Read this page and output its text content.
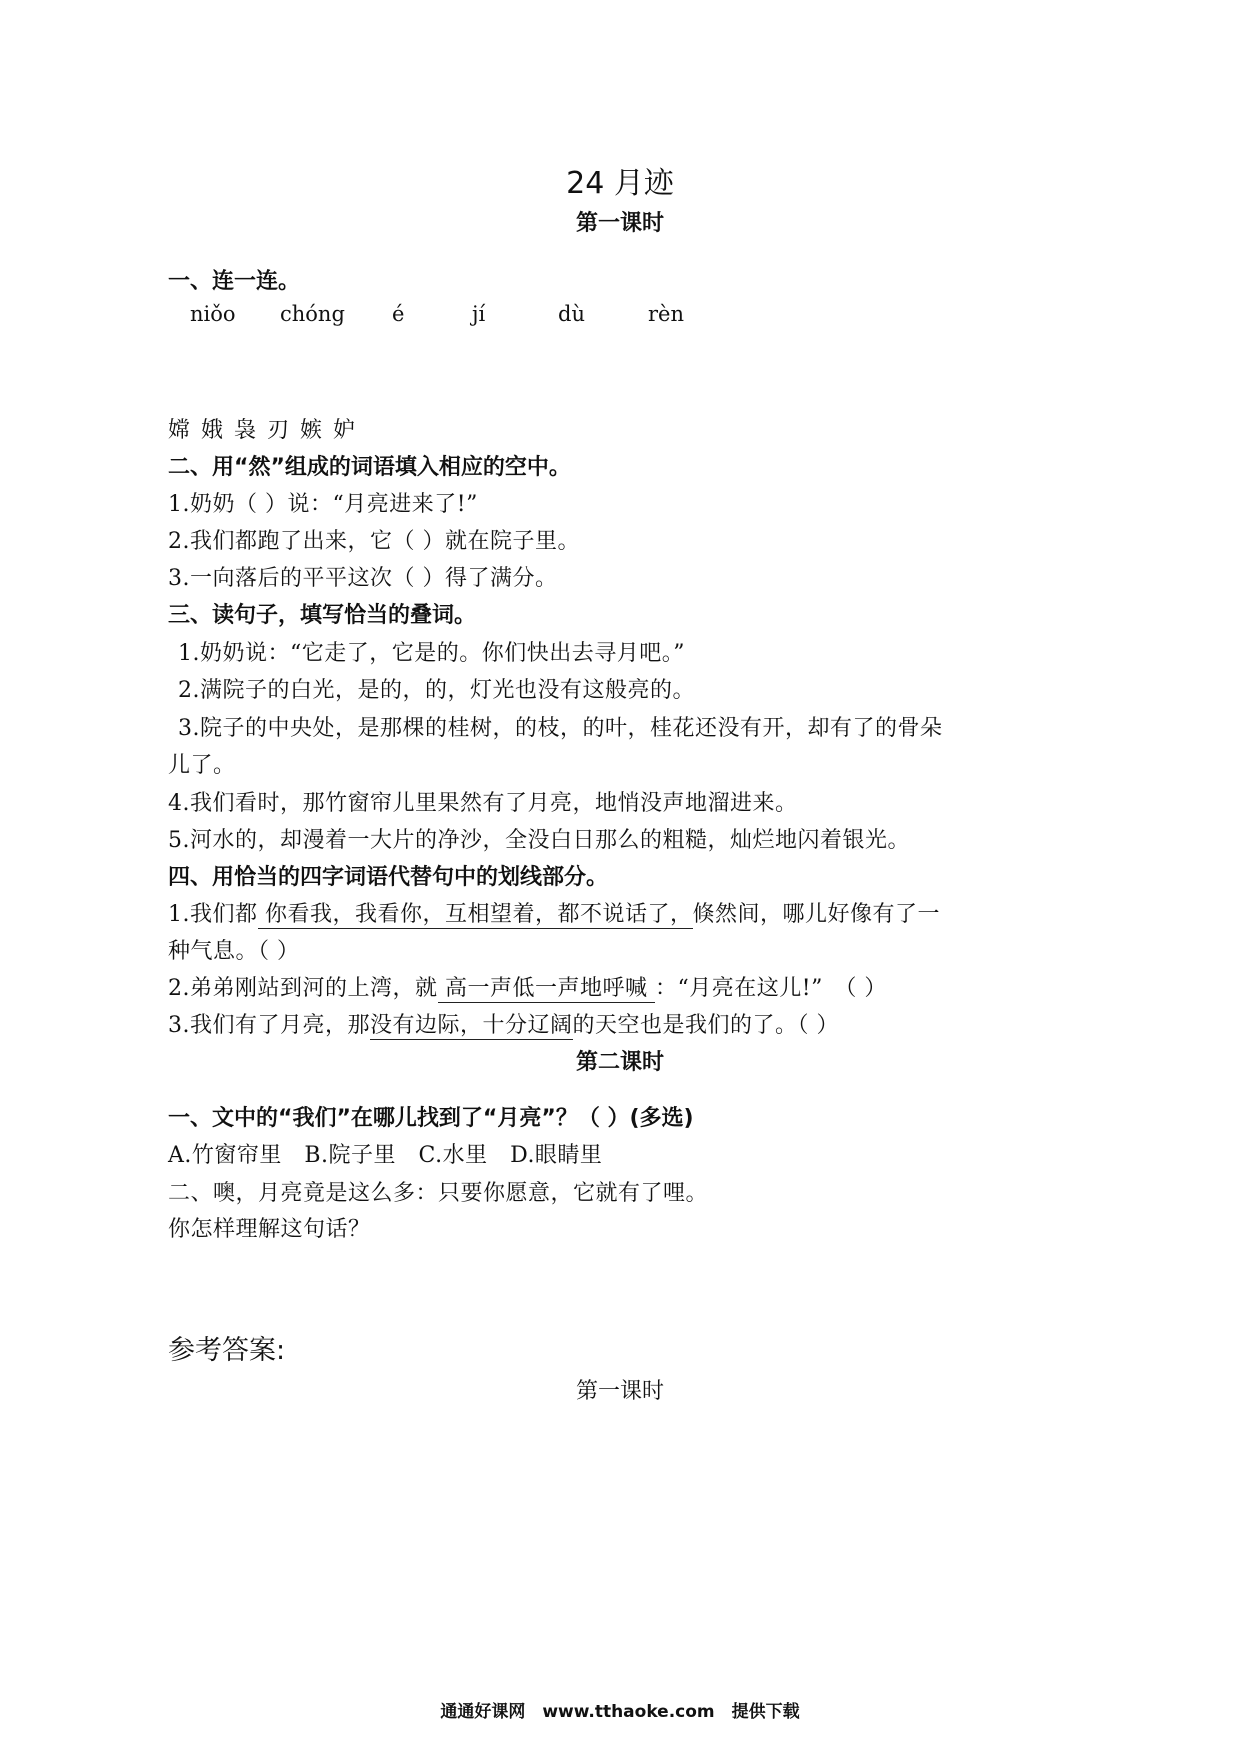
24 月迹
第一课时
一、连一连。
niǒo chóng é	jí	dù	rèn
嫦 娥 袅 刃 嫉 妒
二、用“然”组成的词语填入相应的空中。
1.奶奶（ ）说：“月亮进来了!”
2.我们都跑了出来，它（ ）就在院子里。
3.一向落后的平平这次（ ）得了满分。
三、读句子，填写恰当的叠词。
1.奶奶说：“它走了，它是的。你们快出去寻月吧。”
2.满院子的白光，是的，的，灯光也没有这般亮的。
3.院子的中央处，是那棵的桂树，的枝，的叶，桂花还没有开，却有了的骨朵
儿了。
4.我们看时，那竹窗帘儿里果然有了月亮，地悄没声地溜进来。
5.河水的，却漫着一大片的净沙，全没白日那么的粗糙，灿烂地闪着银光。
四、用恰当的四字词语代替句中的划线部分。
1.我们都 你看我，我看你，互相望着，都不说话了，倏然间，哪儿好像有了一
种气息。（ ）
2.弟弟刚站到河的上湾，就 高一声低一声地呼喊 ：“月亮在这儿!”　（ ）
3.我们有了月亮，那没有边际，十分辽阔的天空也是我们的了。（ ）
第二课时
一、文中的“我们”在哪儿找到了“月亮”？（ ）(多选)
A.竹窗帘里　B.院子里　C.水里　D.眼睛里
二、噢，月亮竟是这么多：只要你愿意，它就有了哩。
你怎样理解这句话？
参考答案:
第一课时
通通好课网　www.tthaoke.com　提供下载
